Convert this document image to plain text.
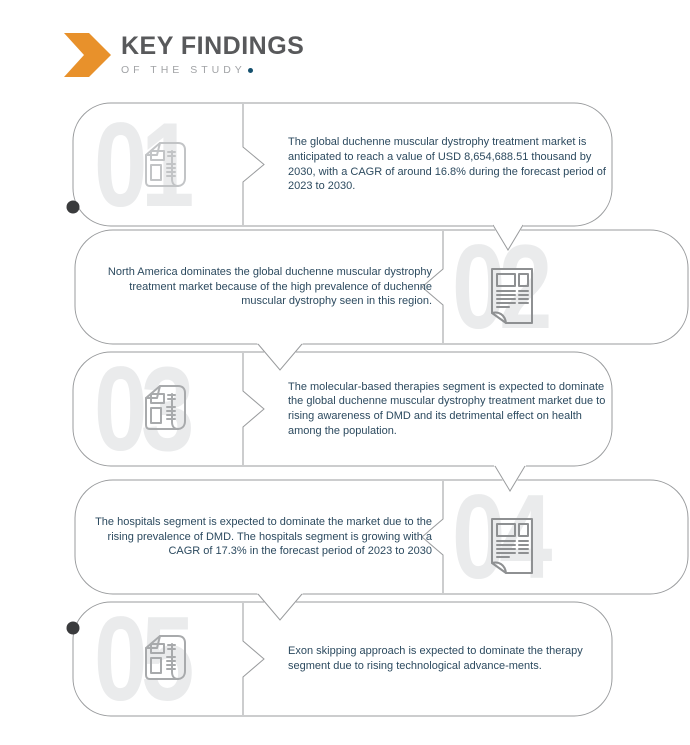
KEY FINDINGS
OF THE STUDY
01
02
03
04
05
The global duchenne muscular dystrophy treatment market is anticipated to reach a value of USD 8,654,688.51 thousand by 2030, with a CAGR of around 16.8% during the forecast period of 2023 to 2030.
North America dominates the global duchenne muscular dystrophy treatment market because of the high prevalence of duchenne muscular dystrophy seen in this region.
The molecular-based therapies segment is expected to dominate the global duchenne muscular dystrophy treatment market due to rising awareness of DMD and its detrimental effect on health among the population.
The hospitals segment is expected to dominate the market due to the rising prevalence of DMD. The hospitals segment is growing with a CAGR of 17.3% in the forecast period of 2023 to 2030
Exon skipping approach is expected to dominate the therapy segment due to rising technological advance-ments.
